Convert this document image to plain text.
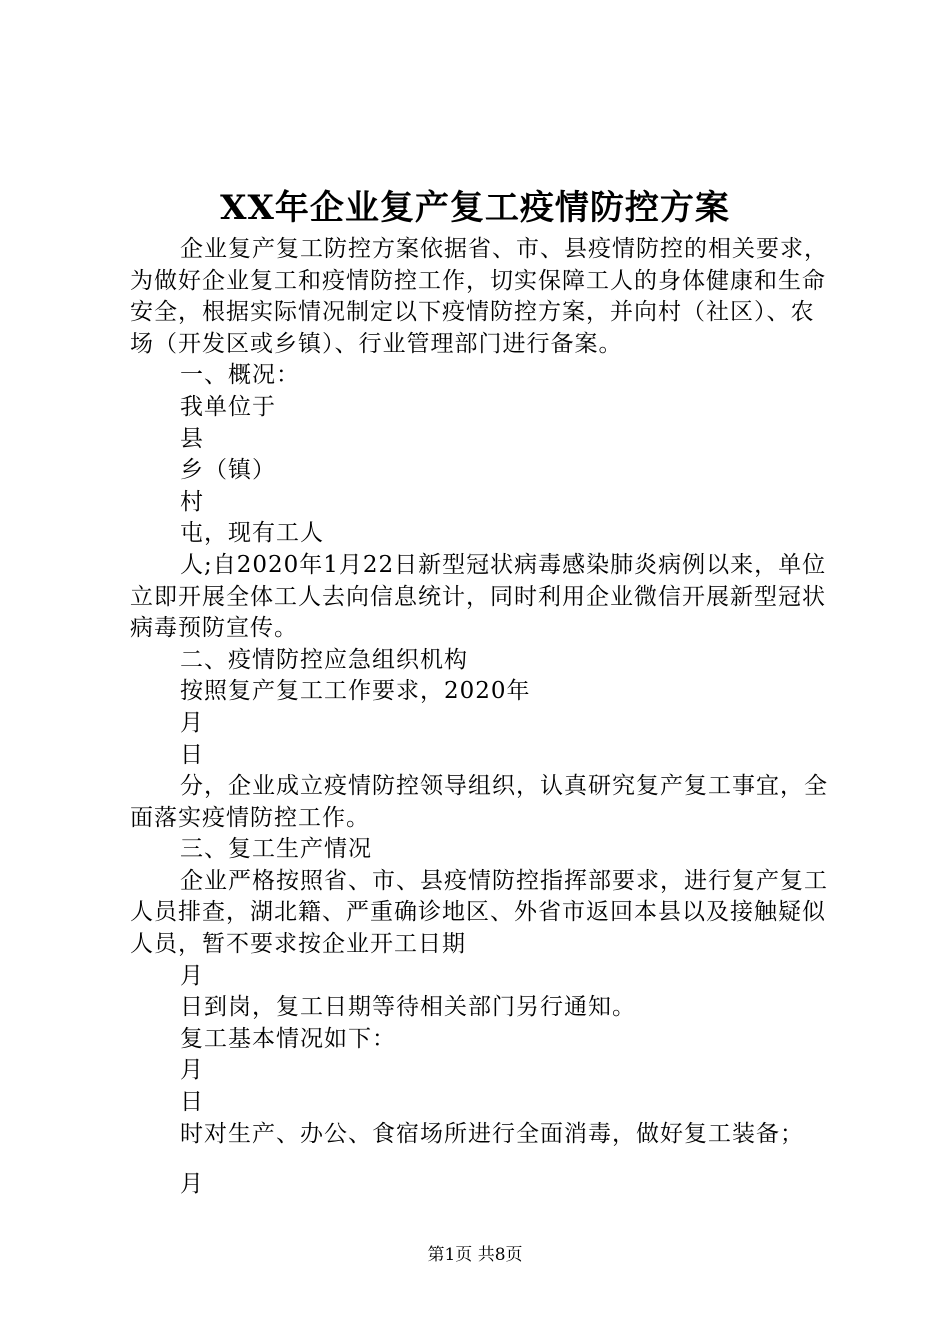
XX年企业复产复工疫情防控方案

企业复产复工防控方案依据省、市、县疫情防控的相关要求，为做好企业复工和疫情防控工作，切实保障工人的身体健康和生命安全，根据实际情况制定以下疫情防控方案，并向村（社区）、农场（开发区或乡镇）、行业管理部门进行备案。

一、概况：

我单位于

县

乡（镇）

村

屯，现有工人

人;自2020年1月22日新型冠状病毒感染肺炎病例以来，单位立即开展全体工人去向信息统计，同时利用企业微信开展新型冠状病毒预防宣传。

二、疫情防控应急组织机构

按照复产复工工作要求，2020年

月

日

分，企业成立疫情防控领导组织，认真研究复产复工事宜，全面落实疫情防控工作。

三、复工生产情况

企业严格按照省、市、县疫情防控指挥部要求，进行复产复工人员排查，湖北籍、严重确诊地区、外省市返回本县以及接触疑似人员，暂不要求按企业开工日期

月

日到岗，复工日期等待相关部门另行通知。

复工基本情况如下：

月

日

时对生产、办公、食宿场所进行全面消毒，做好复工装备；

月

第1页 共8页
